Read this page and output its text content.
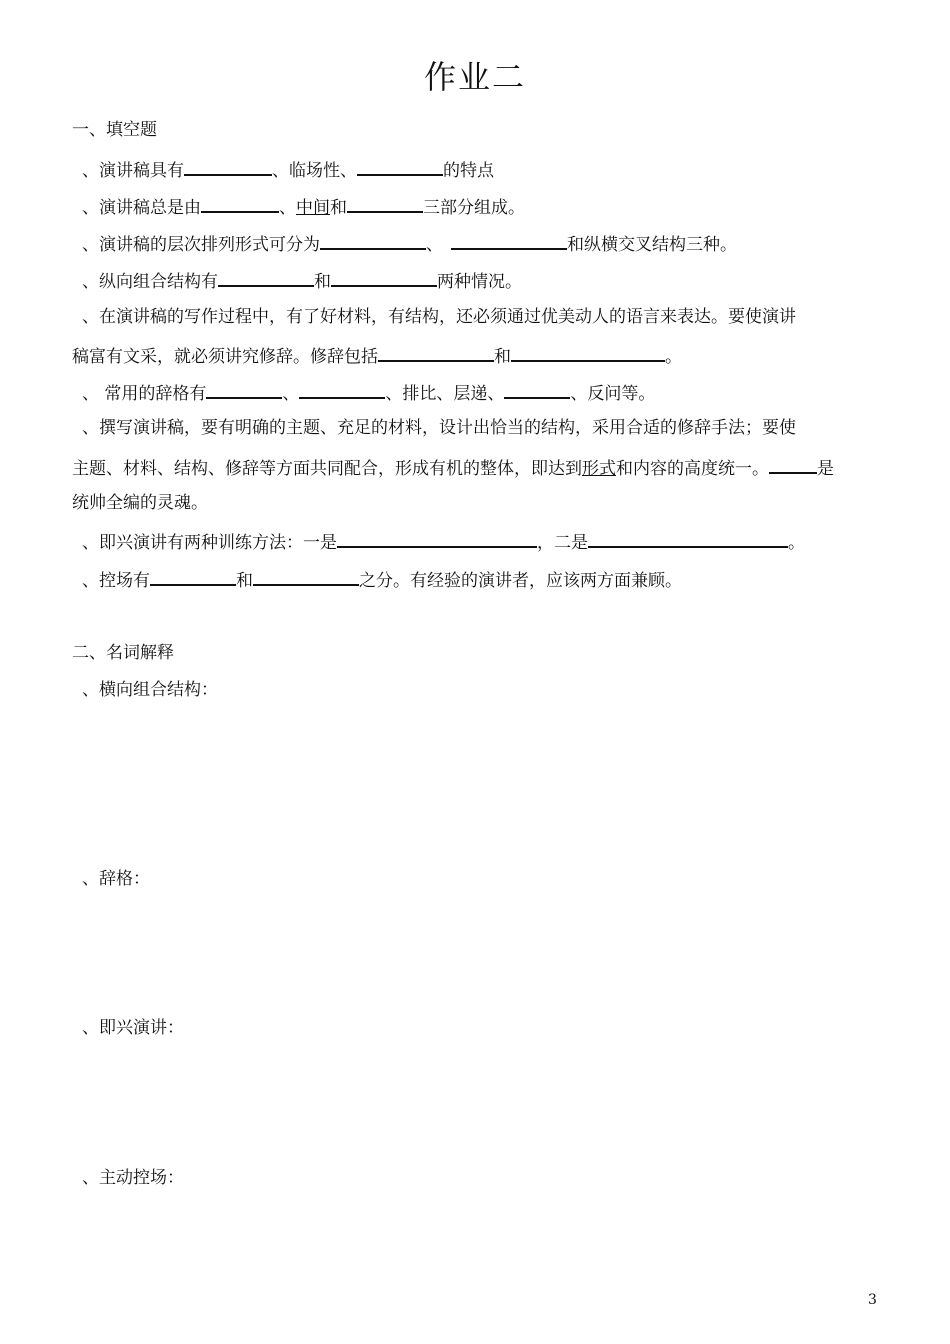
作业二
一、填空题
、演讲稿具有	、临场性、	的特点
、演讲稿总是由	、中间和	三部分组成。
、演讲稿的层次排列形式可分为	、	和纵横交叉结构三种。
、纵向组合结构有	和	两种情况。
、在演讲稿的写作过程中，有了好材料，有结构，还必须通过优美动人的语言来表达。要使演讲
稿富有文采，就必须讲究修辞。修辞包括	和	。
、 常用的辞格有	、	、排比、层递、	、反问等。
、撰写演讲稿，要有明确的主题、充足的材料，设计出恰当的结构，采用合适的修辞手法；要使
主题、材料、结构、修辞等方面共同配合，形成有机的整体，即达到形式和内容的高度统一。	是
统帅全编的灵魂。
、即兴演讲有两种训练方法：一是	，二是	。
、控场有	和	之分。有经验的演讲者，应该两方面兼顾。
二、名词解释
、横向组合结构：
、辞格：
、即兴演讲：
、主动控场：
3
